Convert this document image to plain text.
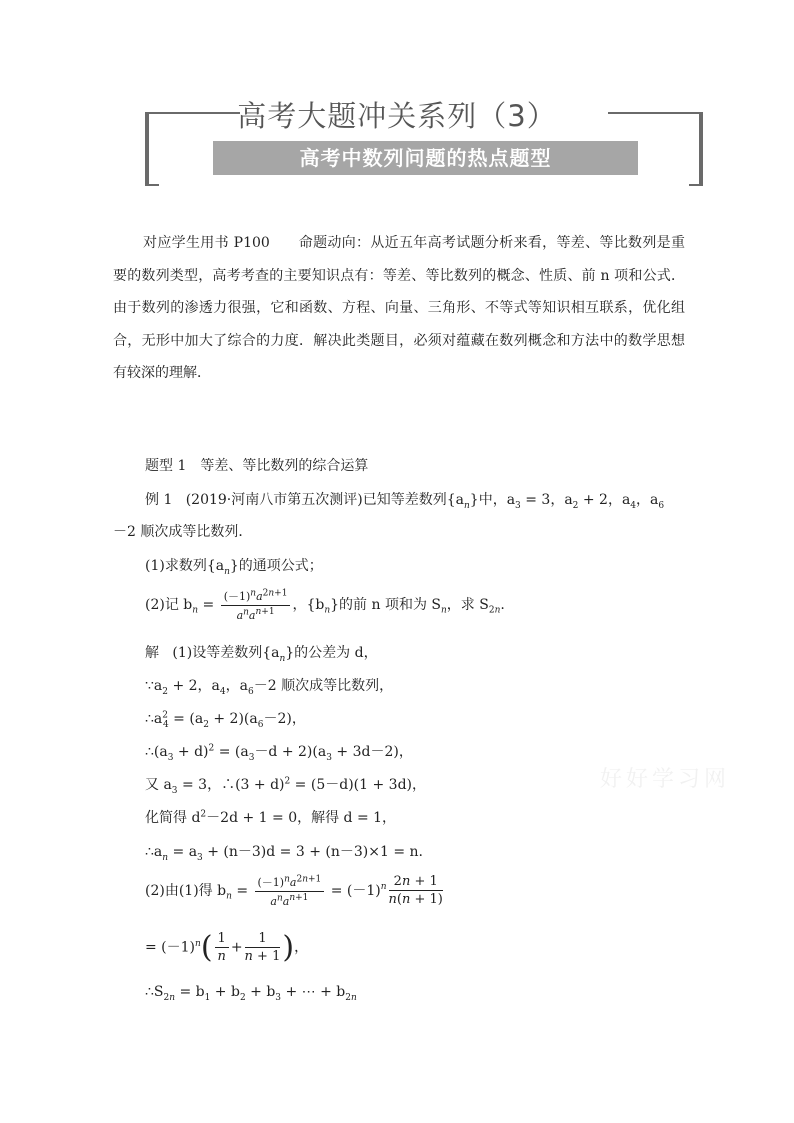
高考大题冲关系列（3）
高考中数列问题的热点题型
对应学生用书 P100　　命题动向：从近五年高考试题分析来看，等差、等比数列是重要的数列类型，高考考查的主要知识点有：等差、等比数列的概念、性质、前 n 项和公式．由于数列的渗透力很强，它和函数、方程、向量、三角形、不等式等知识相互联系，优化组合，无形中加大了综合的力度．解决此类题目，必须对蕴藏在数列概念和方法中的数学思想有较深的理解．
题型 1　等差、等比数列的综合运算
例 1 (2019·河南八市第五次测评)已知等差数列$\{a_n\}$中，$a_3 = 3$，$a_2 + 2$，$a_4$，$a_6$
－2 顺次成等比数列．
(1)求数列$\{a_n\}$的通项公式；
(2)记 $b_n = \frac{(-1)^na^{2n+1}}{a^na^{n+1}}$ ，$\{b_n\}$的前 n 项和为 $S_n$，求 $S_{2n}$.
解 (1)设等差数列$\{a_n\}$的公差为 d，
$\because a_2 + 2$，$a_4$，$a_6-2$ 顺次成等比数列，
$\therefore a^2_4 = (a_2 + 2)(a_6-2)$，
$\therefore(a_3 + d)^2 = (a_3-d + 2)(a_3 + 3d-2)$，
又 $a_3 = 3$，∴(3 + d)$^2$ = (5－d)(1 + 3d)，
化简得 $d^2-2d + 1 = 0$，解得 d = 1，
$\therefore a_n = a_3 + (n-3)d = 3 + (n-3)\times 1 = n$.
(2)由(1)得 $b_n = \frac{(-1)^na^{2n+1}}{a^na^{n+1}} = (-1)^n \frac{2n + 1}{n(n + 1)}$
= $(-1)^n( \frac{1}{n} + \frac{1}{n + 1}$ )，
$\therefore S_{2n} = b_1 + b_2 + b_3$ + ⋯ + $b_{2n}$
好好学习网
